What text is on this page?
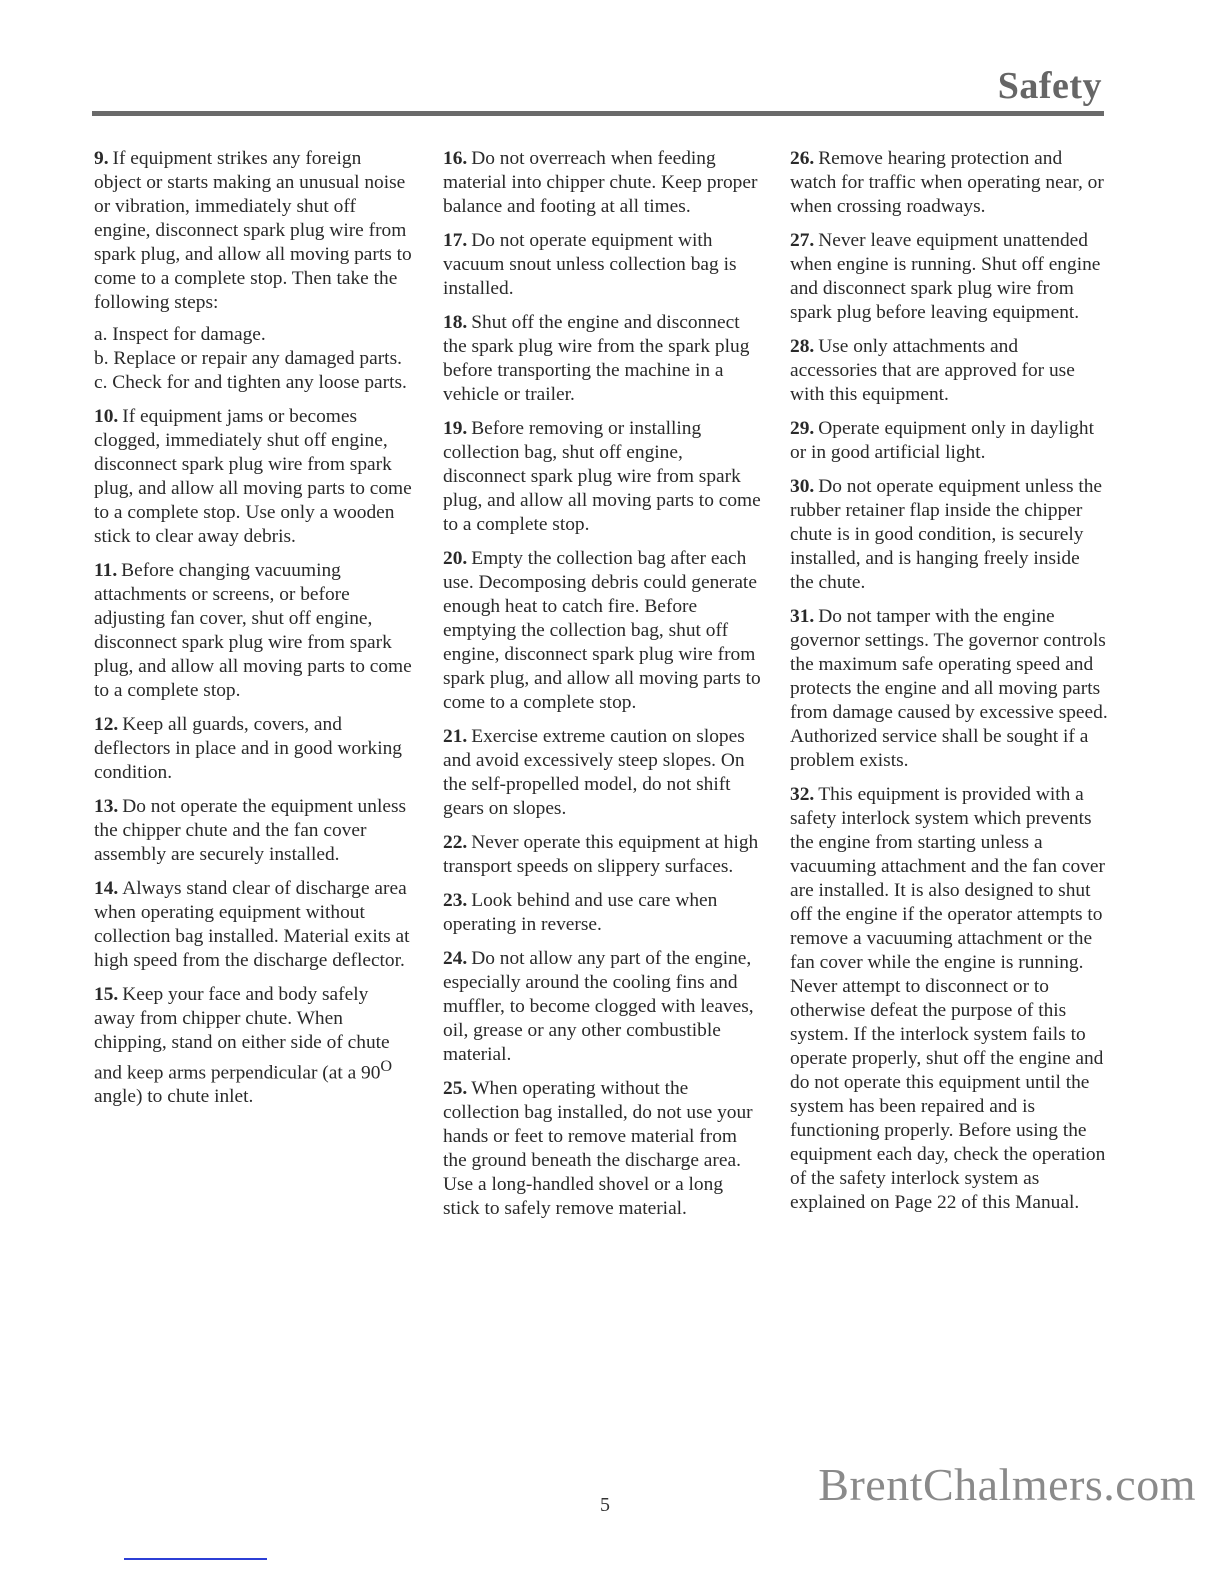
Safety

9. If equipment strikes any foreign object or starts making an unusual noise or vibration, immediately shut off engine, disconnect spark plug wire from spark plug, and allow all moving parts to come to a complete stop. Then take the following steps:

a. Inspect for damage.
b. Replace or repair any damaged parts.
c. Check for and tighten any loose parts.

10. If equipment jams or becomes clogged, immediately shut off engine, disconnect spark plug wire from spark plug, and allow all moving parts to come to a complete stop. Use only a wooden stick to clear away debris.

11. Before changing vacuuming attachments or screens, or before adjusting fan cover, shut off engine, disconnect spark plug wire from spark plug, and allow all moving parts to come to a complete stop.

12. Keep all guards, covers, and deflectors in place and in good working condition.

13. Do not operate the equipment unless the chipper chute and the fan cover assembly are securely installed.

14. Always stand clear of discharge area when operating equipment without collection bag installed. Material exits at high speed from the discharge deflector.

15. Keep your face and body safely away from chipper chute. When chipping, stand on either side of chute and keep arms perpendicular (at a $90^O$ angle) to chute inlet.

16. Do not overreach when feeding material into chipper chute. Keep proper balance and footing at all times.

17. Do not operate equipment with vacuum snout unless collection bag is installed.

18. Shut off the engine and disconnect the spark plug wire from the spark plug before transporting the machine in a vehicle or trailer.

19. Before removing or installing collection bag, shut off engine, disconnect spark plug wire from spark plug, and allow all moving parts to come to a complete stop.

20. Empty the collection bag after each use. Decomposing debris could generate enough heat to catch fire. Before emptying the collection bag, shut off engine, disconnect spark plug wire from spark plug, and allow all moving parts to come to a complete stop.

21. Exercise extreme caution on slopes and avoid excessively steep slopes. On the self-propelled model, do not shift gears on slopes.

22. Never operate this equipment at high transport speeds on slippery surfaces.

23. Look behind and use care when operating in reverse.

24. Do not allow any part of the engine, especially around the cooling fins and muffler, to become clogged with leaves, oil, grease or any other combustible material.

25. When operating without the collection bag installed, do not use your hands or feet to remove material from the ground beneath the discharge area. Use a long-handled shovel or a long stick to safely remove material.

26. Remove hearing protection and watch for traffic when operating near, or when crossing roadways.

27. Never leave equipment unattended when engine is running. Shut off engine and disconnect spark plug wire from spark plug before leaving equipment.

28. Use only attachments and accessories that are approved for use with this equipment.

29. Operate equipment only in daylight or in good artificial light.

30. Do not operate equipment unless the rubber retainer flap inside the chipper chute is in good condition, is securely installed, and is hanging freely inside the chute.

31. Do not tamper with the engine governor settings. The governor controls the maximum safe operating speed and protects the engine and all moving parts from damage caused by excessive speed. Authorized service shall be sought if a problem exists.

32. This equipment is provided with a safety interlock system which prevents the engine from starting unless a vacuuming attachment and the fan cover are installed. It is also designed to shut off the engine if the operator attempts to remove a vacuuming attachment or the fan cover while the engine is running. Never attempt to disconnect or to otherwise defeat the purpose of this system. If the interlock system fails to operate properly, shut off the engine and do not operate this equipment until the system has been repaired and is functioning properly. Before using the equipment each day, check the operation of the safety interlock system as explained on Page 22 of this Manual.

5	BrentChalmers.com
